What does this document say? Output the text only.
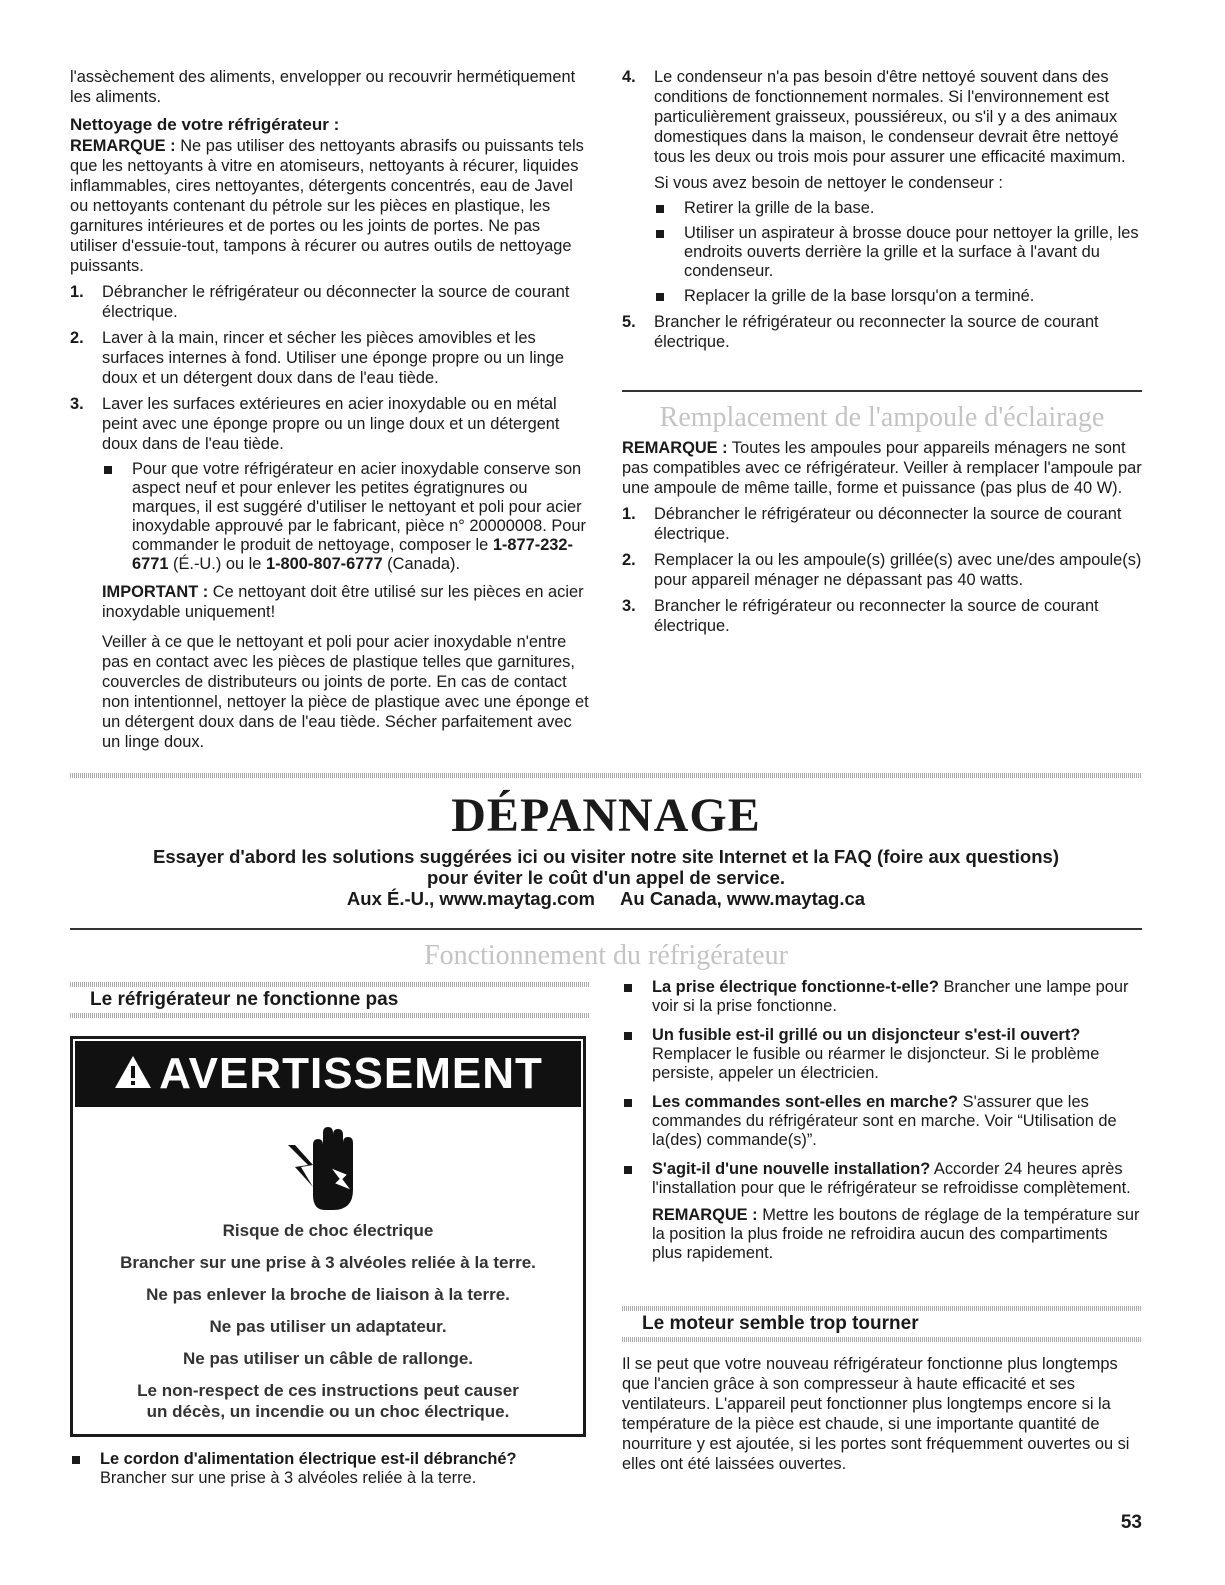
l'assèchement des aliments, envelopper ou recouvrir hermétiquement les aliments.

Nettoyage de votre réfrigérateur :

REMARQUE : Ne pas utiliser des nettoyants abrasifs ou puissants tels que les nettoyants à vitre en atomiseurs, nettoyants à récurer, liquides inflammables, cires nettoyantes, détergents concentrés, eau de Javel ou nettoyants contenant du pétrole sur les pièces en plastique, les garnitures intérieures et de portes ou les joints de portes. Ne pas utiliser d'essuie-tout, tampons à récurer ou autres outils de nettoyage puissants.

1. Débrancher le réfrigérateur ou déconnecter la source de courant électrique.
2. Laver à la main, rincer et sécher les pièces amovibles et les surfaces internes à fond. Utiliser une éponge propre ou un linge doux et un détergent doux dans de l'eau tiède.
3. Laver les surfaces extérieures en acier inoxydable ou en métal peint avec une éponge propre ou un linge doux et un détergent doux dans de l'eau tiède.
Pour que votre réfrigérateur en acier inoxydable conserve son aspect neuf et pour enlever les petites égratignures ou marques, il est suggéré d'utiliser le nettoyant et poli pour acier inoxydable approuvé par le fabricant, pièce n° 20000008. Pour commander le produit de nettoyage, composer le 1-877-232-6771 (É.-U.) ou le 1-800-807-6777 (Canada).

IMPORTANT : Ce nettoyant doit être utilisé sur les pièces en acier inoxydable uniquement!

Veiller à ce que le nettoyant et poli pour acier inoxydable n'entre pas en contact avec les pièces de plastique telles que garnitures, couvercles de distributeurs ou joints de porte. En cas de contact non intentionnel, nettoyer la pièce de plastique avec une éponge et un détergent doux dans de l'eau tiède. Sécher parfaitement avec un linge doux.

4. Le condenseur n'a pas besoin d'être nettoyé souvent dans des conditions de fonctionnement normales. Si l'environnement est particulièrement graisseux, poussiéreux, ou s'il y a des animaux domestiques dans la maison, le condenseur devrait être nettoyé tous les deux ou trois mois pour assurer une efficacité maximum.

Si vous avez besoin de nettoyer le condenseur :

Retirer la grille de la base.
Utiliser un aspirateur à brosse douce pour nettoyer la grille, les endroits ouverts derrière la grille et la surface à l'avant du condenseur.
Replacer la grille de la base lorsqu'on a terminé.
5. Brancher le réfrigérateur ou reconnecter la source de courant électrique.
Remplacement de l'ampoule d'éclairage

REMARQUE : Toutes les ampoules pour appareils ménagers ne sont pas compatibles avec ce réfrigérateur. Veiller à remplacer l'ampoule par une ampoule de même taille, forme et puissance (pas plus de 40 W).

1. Débrancher le réfrigérateur ou déconnecter la source de courant électrique.
2. Remplacer la ou les ampoule(s) grillée(s) avec une/des ampoule(s) pour appareil ménager ne dépassant pas 40 watts.
3. Brancher le réfrigérateur ou reconnecter la source de courant électrique.
DÉPANNAGE
Essayer d'abord les solutions suggérées ici ou visiter notre site Internet et la FAQ (foire aux questions)
pour éviter le coût d'un appel de service.
Aux É.-U., www.maytag.com     Au Canada, www.maytag.ca
Fonctionnement du réfrigérateur
Le réfrigérateur ne fonctionne pas
AVERTISSEMENT

Risque de choc électrique

Brancher sur une prise à 3 alvéoles reliée à la terre.

Ne pas enlever la broche de liaison à la terre.

Ne pas utiliser un adaptateur.

Ne pas utiliser un câble de rallonge.

Le non-respect de ces instructions peut causer un décès, un incendie ou un choc électrique.

Le cordon d'alimentation électrique est-il débranché?
Brancher sur une prise à 3 alvéoles reliée à la terre.
La prise électrique fonctionne-t-elle? Brancher une lampe pour voir si la prise fonctionne.
Un fusible est-il grillé ou un disjoncteur s'est-il ouvert? Remplacer le fusible ou réarmer le disjoncteur. Si le problème persiste, appeler un électricien.
Les commandes sont-elles en marche? S'assurer que les commandes du réfrigérateur sont en marche. Voir “Utilisation de la(des) commande(s)”.
S'agit-il d'une nouvelle installation? Accorder 24 heures après l'installation pour que le réfrigérateur se refroidisse complètement.

REMARQUE : Mettre les boutons de réglage de la température sur la position la plus froide ne refroidira aucun des compartiments plus rapidement.

Le moteur semble trop tourner

Il se peut que votre nouveau réfrigérateur fonctionne plus longtemps que l'ancien grâce à son compresseur à haute efficacité et ses ventilateurs. L'appareil peut fonctionner plus longtemps encore si la température de la pièce est chaude, si une importante quantité de nourriture y est ajoutée, si les portes sont fréquemment ouvertes ou si elles ont été laissées ouvertes.

53
